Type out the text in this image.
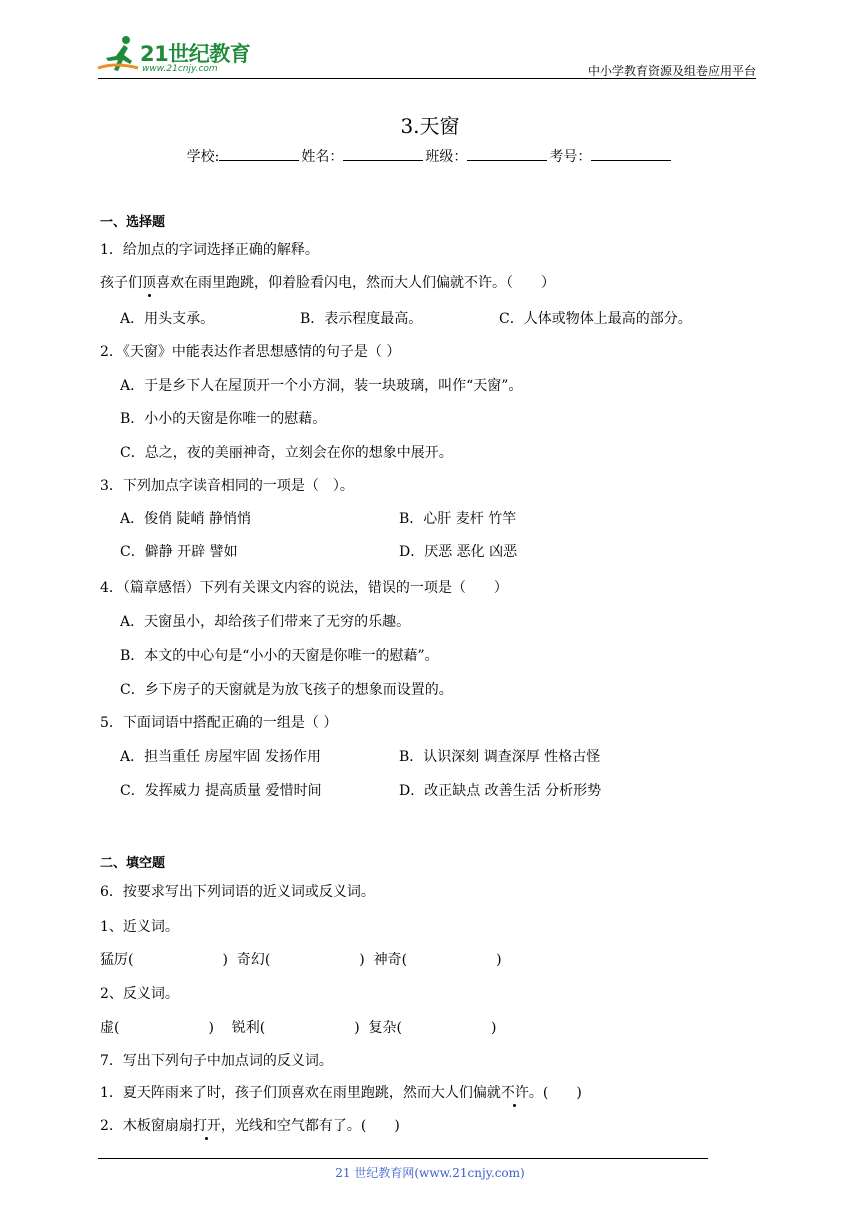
21世纪教育
www.21cnjy.com	中小学教育资源及组卷应用平台
3.天窗
学校:	姓名：	班级：	考号：
一、选择题
1．给加点的字词选择正确的解释。
孩子们顶喜欢在雨里跑跳，仰着脸看闪电，然而大人们偏就不许。（　　）
A．用头支承。	B．表示程度最高。	C．人体或物体上最高的部分。
2．《天窗》中能表达作者思想感情的句子是（ ）
A．于是乡下人在屋顶开一个小方洞，装一块玻璃，叫作“天窗”。
B．小小的天窗是你唯一的慰藉。
C．总之，夜的美丽神奇，立刻会在你的想象中展开。
3．下列加点字读音相同的一项是（　）。
A．俊俏 陡峭 静悄悄	B．心肝 麦杆 竹竿
C．僻静 开辟 譬如	D．厌恶 恶化 凶恶
4．（篇章感悟）下列有关课文内容的说法，错误的一项是（　　）
A．天窗虽小，却给孩子们带来了无穷的乐趣。
B．本文的中心句是“小小的天窗是你唯一的慰藉”。
C．乡下房子的天窗就是为放飞孩子的想象而设置的。
5．下面词语中搭配正确的一组是（ ）
A．担当重任 房屋牢固 发扬作用	B．认识深刻 调查深厚 性格古怪
C．发挥威力 提高质量 爱惜时间	D．改正缺点 改善生活 分析形势
二、填空题
6．按要求写出下列词语的近义词或反义词。
1、近义词。
猛厉(                    )  奇幻(                    )  神奇(                    )
2、反义词。
虚(                    )    锐利(                    )  复杂(                    )
7．写出下列句子中加点词的反义词。
1．夏天阵雨来了时，孩子们顶喜欢在雨里跑跳，然而大人们偏就不许。(　　)
2．木板窗扇扇打开，光线和空气都有了。(　　)
21 世纪教育网(www.21cnjy.com)
